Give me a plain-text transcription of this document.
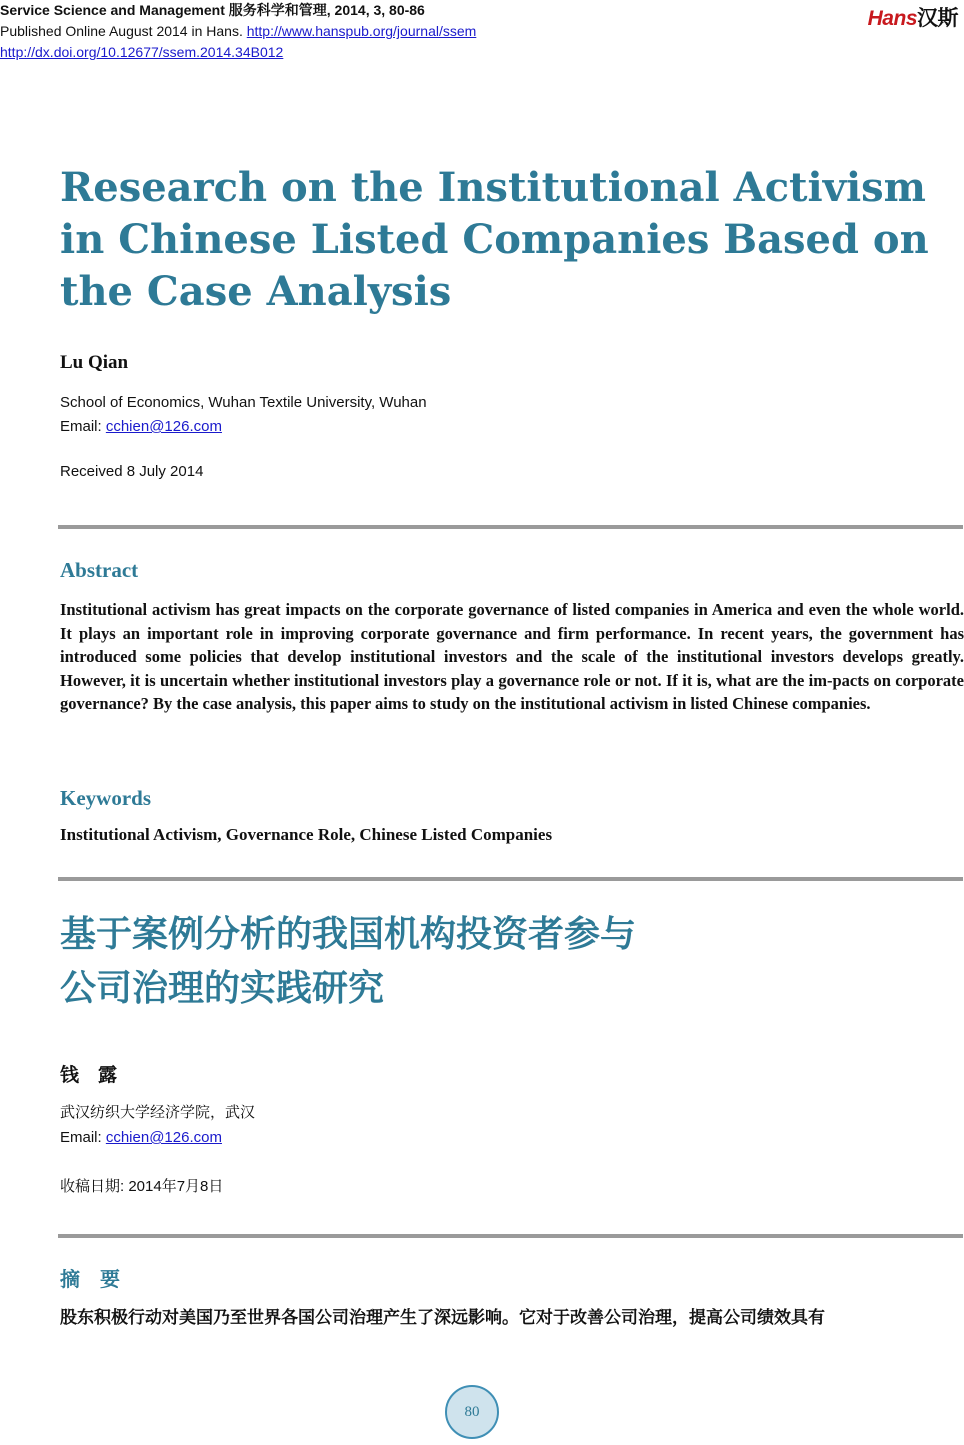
Service Science and Management 服务科学和管理, 2014, 3, 80-86
Published Online August 2014 in Hans. http://www.hanspub.org/journal/ssem
http://dx.doi.org/10.12677/ssem.2014.34B012
Hans汉斯
Research on the Institutional Activism in Chinese Listed Companies Based on the Case Analysis
Lu Qian
School of Economics, Wuhan Textile University, Wuhan
Email: cchien@126.com
Received 8 July 2014
Abstract

Institutional activism has great impacts on the corporate governance of listed companies in America and even the whole world. It plays an important role in improving corporate governance and firm performance. In recent years, the government has introduced some policies that develop institutional investors and the scale of the institutional investors develops greatly. However, it is uncertain whether institutional investors play a governance role or not. If it is, what are the im-pacts on corporate governance? By the case analysis, this paper aims to study on the institutional activism in listed Chinese companies.

Keywords
Institutional Activism, Governance Role, Chinese Listed Companies
基于案例分析的我国机构投资者参与
公司治理的实践研究
钱　露
武汉纺织大学经济学院，武汉
Email: cchien@126.com
收稿日期: 2014年7月8日
摘　要
股东积极行动对美国乃至世界各国公司治理产生了深远影响。它对于改善公司治理，提高公司绩效具有
80
